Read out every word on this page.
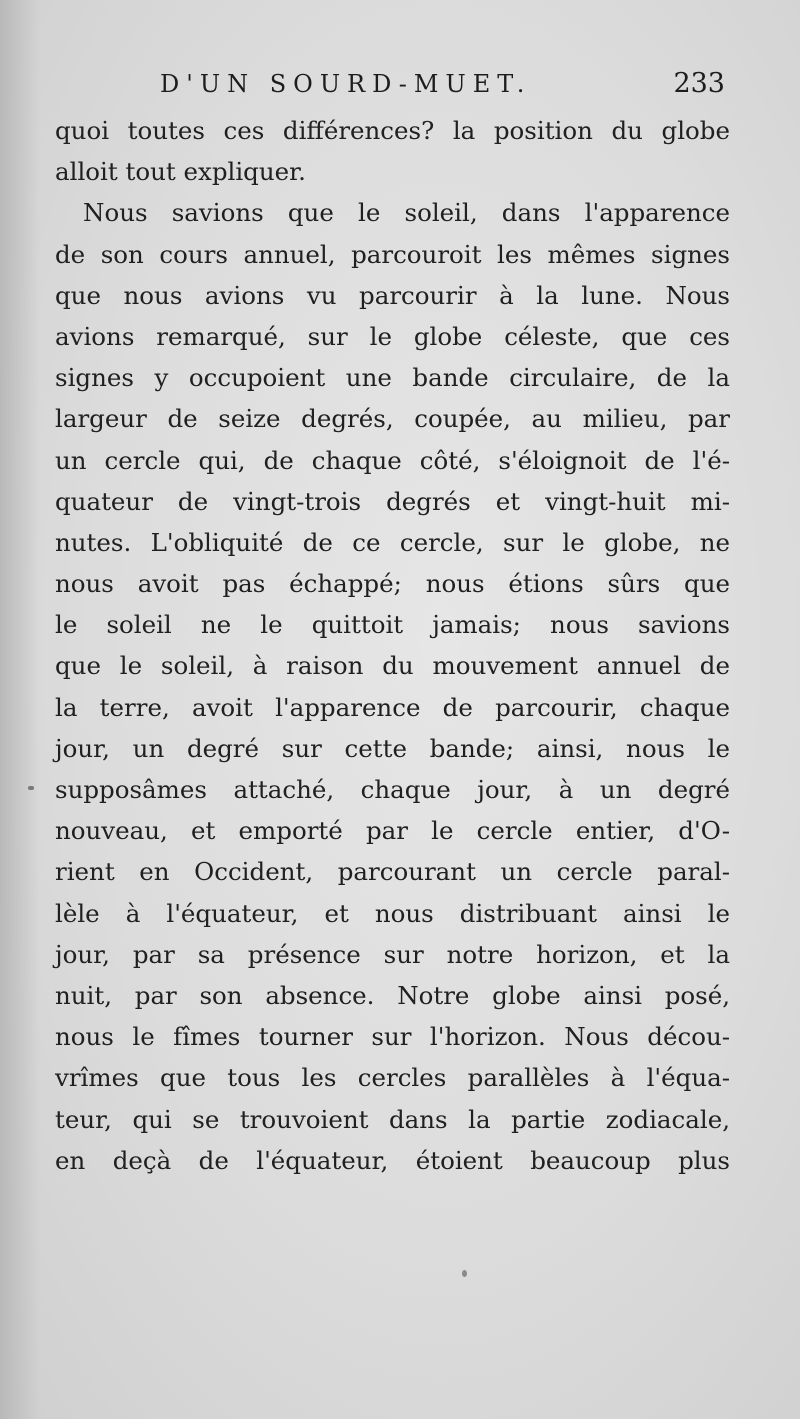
D'UN SOURD-MUET.	233
quoi toutes ces différences? la position du globe
alloit tout expliquer.
Nous savions que le soleil, dans l'apparence
de son cours annuel, parcouroit les mêmes signes
que nous avions vu parcourir à la lune. Nous
avions remarqué, sur le globe céleste, que ces
signes y occupoient une bande circulaire, de la
largeur de seize degrés, coupée, au milieu, par
un cercle qui, de chaque côté, s'éloignoit de l'é-
quateur de vingt-trois degrés et vingt-huit mi-
nutes. L'obliquité de ce cercle, sur le globe, ne
nous avoit pas échappé; nous étions sûrs que
le soleil ne le quittoit jamais; nous savions
que le soleil, à raison du mouvement annuel de
la terre, avoit l'apparence de parcourir, chaque
jour, un degré sur cette bande; ainsi, nous le
supposâmes attaché, chaque jour, à un degré
nouveau, et emporté par le cercle entier, d'O-
rient en Occident, parcourant un cercle paral-
lèle à l'équateur, et nous distribuant ainsi le
jour, par sa présence sur notre horizon, et la
nuit, par son absence. Notre globe ainsi posé,
nous le fîmes tourner sur l'horizon. Nous décou-
vrîmes que tous les cercles parallèles à l'équa-
teur, qui se trouvoient dans la partie zodiacale,
en deçà de l'équateur, étoient beaucoup plus
